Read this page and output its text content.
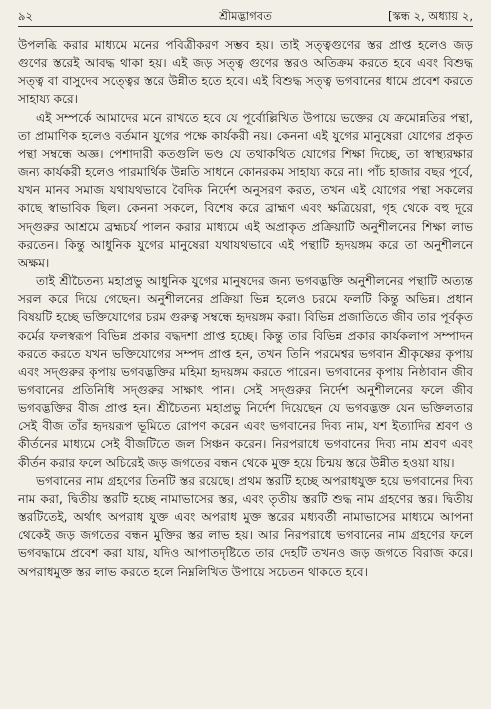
৯২	শ্রীমদ্ভাগবত	[স্কন্ধ ২, অধ্যায় ২,

উপলব্ধি করার মাধ্যমে মনের পবিত্রীকরণ সম্ভব হয়। তাই সত্ত্বগুণের স্তর প্রাপ্ত হলেও জড় গুণের স্তরেই আবদ্ধ থাকা হয়। এই জড় সত্ত্ব গুণের স্তরও অতিক্রম করতে হবে এবং বিশুদ্ধ সত্ত্ব বা বাসুদেব সত্ত্বের স্তরে উন্নীত হতে হবে। এই বিশুদ্ধ সত্ত্ব ভগবানের ধামে প্রবেশ করতে সাহায্য করে।

এই সম্পর্কে আমাদের মনে রাখতে হবে যে পূর্বোল্লিখিত উপায়ে ভক্তের যে ক্রমোন্নতির পন্থা, তা প্রামাণিক হলেও বর্তমান যুগের পক্ষে কার্যকরী নয়। কেননা এই যুগের মানুষেরা যোগের প্রকৃত পন্থা সম্বন্ধে অজ্ঞ। পেশাদারী কতগুলি ভণ্ড যে তথাকথিত যোগের শিক্ষা দিচ্ছে, তা স্বাস্থ্যরক্ষার জন্য কার্যকরী হলেও পারমার্থিক উন্নতি সাধনে কোনরকম সাহায্য করে না। পাঁচ হাজার বছর পূর্বে, যখন মানব সমাজ যথাযথভাবে বৈদিক নির্দেশ অনুসরণ করত, তখন এই যোগের পন্থা সকলের কাছে স্বাভাবিক ছিল। কেননা সকলে, বিশেষ করে ব্রাহ্মণ এবং ক্ষত্রিয়েরা, গৃহ থেকে বহু দূরে সদ্গুরুর আশ্রমে ব্রহ্মচর্য পালন করার মাধ্যমে এই অপ্রাকৃত প্রক্রিয়াটি অনুশীলনের শিক্ষা লাভ করতেন। কিন্তু আধুনিক যুগের মানুষেরা যথাযথভাবে এই পন্থাটি হৃদয়ঙ্গম করে তা অনুশীলনে অক্ষম।

তাই শ্রীচৈতন্য মহাপ্রভু আধুনিক যুগের মানুষদের জন্য ভগবদ্ভক্তি অনুশীলনের পন্থাটি অত্যন্ত সরল করে দিয়ে গেছেন। অনুশীলনের প্রক্রিয়া ভিন্ন হলেও চরমে ফলটি কিন্তু অভিন্ন। প্রধান বিষয়টি হচ্ছে ভক্তিযোগের চরম গুরুত্ব সম্বন্ধে হৃদয়ঙ্গম করা। বিভিন্ন প্রজাতিতে জীব তার পূর্বকৃত কর্মের ফলস্বরূপ বিভিন্ন প্রকার বদ্ধদশা প্রাপ্ত হচ্ছে। কিন্তু তার বিভিন্ন প্রকার কার্যকলাপ সম্পাদন করতে করতে যখন ভক্তিযোগের সম্পদ প্রাপ্ত হন, তখন তিনি পরমেশ্বর ভগবান শ্রীকৃষ্ণের কৃপায় এবং সদ্গুরুর কৃপায় ভগবদ্ভক্তির মহিমা হৃদয়ঙ্গম করতে পারেন। ভগবানের কৃপায় নিষ্ঠাবান জীব ভগবানের প্রতিনিধি সদ্গুরুর সাক্ষাৎ পান। সেই সদ্গুরুর নির্দেশ অনুশীলনের ফলে জীব ভগবদ্ভক্তির বীজ প্রাপ্ত হন। শ্রীচৈতন্য মহাপ্রভু নির্দেশ দিয়েছেন যে ভগবদ্ভক্ত যেন ভক্তিলতার সেই বীজ তাঁর হৃদয়রূপ ভূমিতে রোপণ করেন এবং ভগবানের দিব্য নাম, যশ ইত্যাদির শ্রবণ ও কীর্তনের মাধ্যমে সেই বীজটিতে জল সিঞ্চন করেন। নিরপরাধে ভগবানের দিব্য নাম শ্রবণ এবং কীর্তন করার ফলে অচিরেই জড় জগতের বন্ধন থেকে মুক্ত হয়ে চিন্ময় স্তরে উন্নীত হওয়া যায়।

ভগবানের নাম গ্রহণের তিনটি স্তর রয়েছে। প্রথম স্তরটি হচ্ছে অপরাধযুক্ত হয়ে ভগবানের দিব্য নাম করা, দ্বিতীয় স্তরটি হচ্ছে নামাভাসের স্তর, এবং তৃতীয় স্তরটি শুদ্ধ নাম গ্রহণের স্তর। দ্বিতীয় স্তরটিতেই, অর্থাৎ অপরাধ যুক্ত এবং অপরাধ মুক্ত স্তরের মধ্যবর্তী নামাভাসের মাধ্যমে আপনা থেকেই জড় জগতের বন্ধন মুক্তির স্তর লাভ হয়। আর নিরপরাধে ভগবানের নাম গ্রহণের ফলে ভগবদ্ধামে প্রবেশ করা যায়, যদিও আপাতদৃষ্টিতে তার দেহটি তখনও জড় জগতে বিরাজ করে। অপরাধমুক্ত স্তর লাভ করতে হলে নিম্নলিখিত উপায়ে সচেতন থাকতে হবে।
